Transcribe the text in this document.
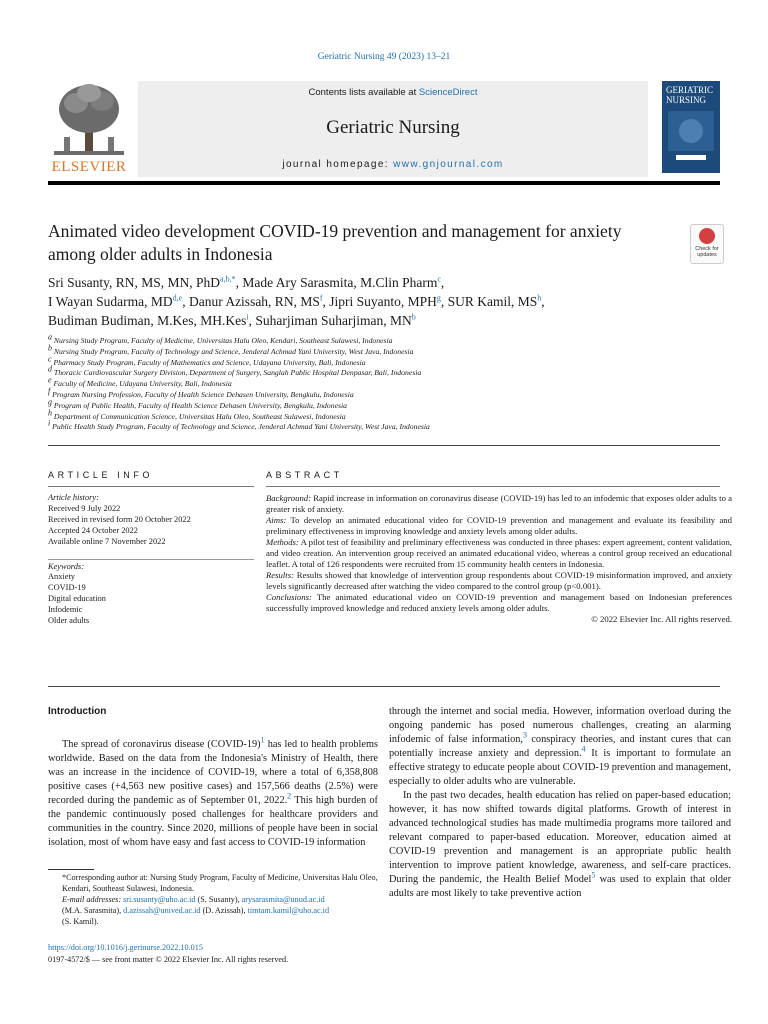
Geriatric Nursing 49 (2023) 13–21
ELSEVIER
Contents lists available at ScienceDirect
Geriatric Nursing
journal homepage: www.gnjournal.com
GERIATRIC
NURSING
Animated video development COVID-19 prevention and management for anxiety among older adults in Indonesia	Check for
updates
Sri Susanty, RN, MS, MN, PhD$^{a,b,*}$, Made Ary Sarasmita, M.Clin Pharm$^c$,
I Wayan Sudarma, MD$^{d,e}$, Danur Azissah, RN, $MS^f$, Jipri Suyanto, MPH$^g$, SUR Kamil, $MS^h$,
Budiman Budiman, M.Kes, MH.Kes$^i$, Suharjiman Suharjiman, $MN^b$
$^a$ Nursing Study Program, Faculty of Medicine, Universitas Halu Oleo, Kendari, Southeast Sulawesi, Indonesia
$^b$ Nursing Study Program, Faculty of Technology and Science, Jenderal Achmad Yani University, West Java, Indonesia
$^c$ Pharmacy Study Program, Faculty of Mathematics and Science, Udayana University, Bali, Indonesia
$^d$ Thoracic Cardiovascular Surgery Division, Department of Surgery, Sanglah Public Hospital Denpasar, Bali, Indonesia
$^e$ Faculty of Medicine, Udayana University, Bali, Indonesia
$^f$ Program Nursing Profession, Faculty of Health Science Dehasen University, Bengkulu, Indonesia
$^g$ Program of Public Health, Faculty of Health Science Dehasen University, Bengkulu, Indonesia
$^h$ Department of Communication Science, Universitas Halu Oleo, Southeast Sulawesi, Indonesia
$^i$ Public Health Study Program, Faculty of Technology and Science, Jenderal Achmad Yani University, West Java, Indonesia
ARTICLE INFO	ABSTRACT
Article history:
Received 9 July 2022
Received in revised form 20 October 2022
Accepted 24 October 2022
Available online 7 November 2022
Keywords:
Anxiety
COVID-19
Digital education
Infodemic
Older adults
Background: Rapid increase in information on coronavirus disease (COVID-19) has led to an infodemic that exposes older adults to a greater risk of anxiety.
Aims: To develop an animated educational video for COVID-19 prevention and management and evaluate its feasibility and preliminary effectiveness in improving knowledge and anxiety levels among older adults.
Methods: A pilot test of feasibility and preliminary effectiveness was conducted in three phases: expert agreement, content validation, and video creation. An intervention group received an animated educational video, whereas a control group received an educational leaflet. A total of 126 respondents were recruited from 15 community health centers in Indonesia.
Results: Results showed that knowledge of intervention group respondents about COVID-19 misinformation improved, and anxiety levels significantly decreased after watching the video compared to the control group (p<0.001).
Conclusions: The animated educational video on COVID-19 prevention and management based on Indonesian preferences successfully improved knowledge and reduced anxiety levels among older adults.
© 2022 Elsevier Inc. All rights reserved.
Introduction

The spread of coronavirus disease (COVID-19)$^1$ has led to health problems worldwide. Based on the data from the Indonesia's Ministry of Health, there was an increase in the incidence of COVID-19, where a total of 6,358,808 positive cases (+4,563 new positive cases) and 157,566 deaths (2.5%) were recorded during the pandemic as of September 01, 2022.$^2$ This high burden of the pandemic continuously posed challenges for healthcare providers and communities in the country. Since 2020, millions of people have been in social isolation, most of whom have easy and fast access to COVID-19 information

through the internet and social media. However, information overload during the ongoing pandemic has posed numerous challenges, creating an alarming infodemic of false information,$^3$ conspiracy theories, and instant cures that can potentially increase anxiety and depression.$^4$ It is important to formulate an effective strategy to educate people about COVID-19 prevention and management, especially to older adults who are vulnerable.

In the past two decades, health education has relied on paper-based education; however, it has now shifted towards digital platforms. Growth of interest in advanced technological studies has made multimedia programs more tailored and relevant compared to paper-based education. Moreover, education aimed at COVID-19 prevention and management is an appropriate public health intervention to improve patient knowledge, awareness, and self-care practices. During the pandemic, the Health Belief Model$^5$ was used to explain that older adults are most likely to take preventive action

*Corresponding author at: Nursing Study Program, Faculty of Medicine, Universitas Halu Oleo, Kendari, Southeast Sulawesi, Indonesia.
E-mail addresses: sri.susanty@uho.ac.id (S. Susanty), arysarasmita@unud.ac.id
(M.A. Sarasmita), d.azissah@unived.ac.id (D. Azissah), timtam.kamil@uho.ac.id
(S. Kamil).
https://doi.org/10.1016/j.gerinurse.2022.10.015
0197-4572/$ — see front matter © 2022 Elsevier Inc. All rights reserved.
